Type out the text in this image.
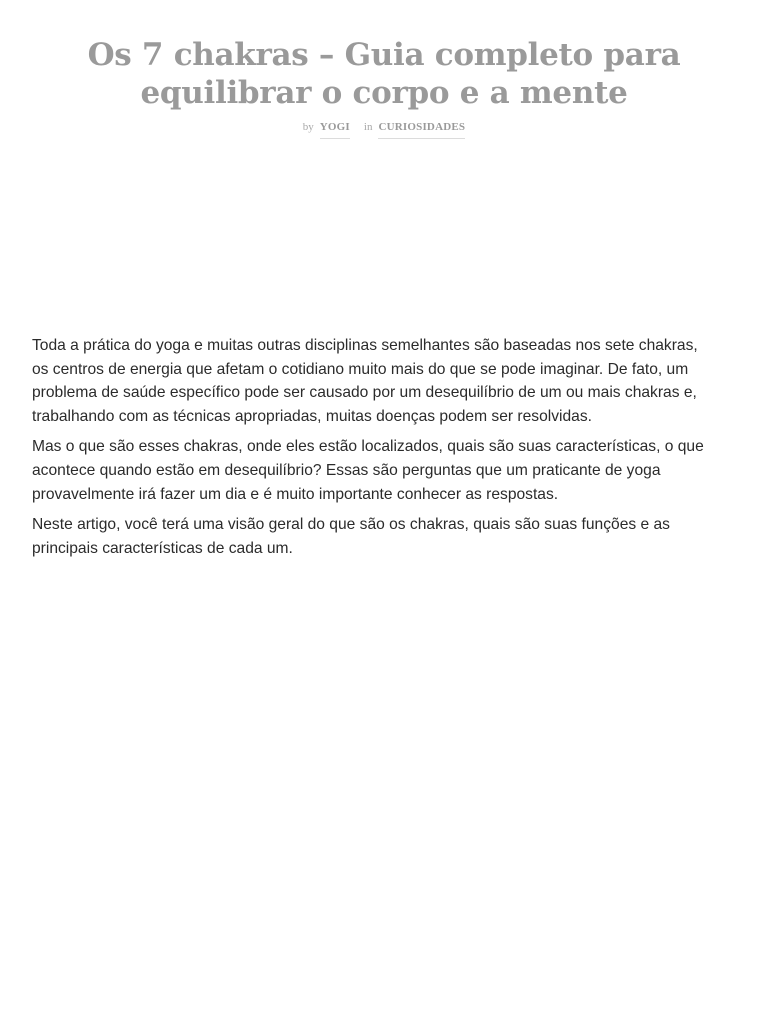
Os 7 chakras – Guia completo para equilibrar o corpo e a mente
by YOGI in CURIOSIDADES

Toda a prática do yoga e muitas outras disciplinas semelhantes são baseadas nos sete chakras, os centros de energia que afetam o cotidiano muito mais do que se pode imaginar. De fato, um problema de saúde específico pode ser causado por um desequilíbrio de um ou mais chakras e, trabalhando com as técnicas apropriadas, muitas doenças podem ser resolvidas.

Mas o que são esses chakras, onde eles estão localizados, quais são suas características, o que acontece quando estão em desequilíbrio? Essas são perguntas que um praticante de yoga provavelmente irá fazer um dia e é muito importante conhecer as respostas.

Neste artigo, você terá uma visão geral do que são os chakras, quais são suas funções e as principais características de cada um.
